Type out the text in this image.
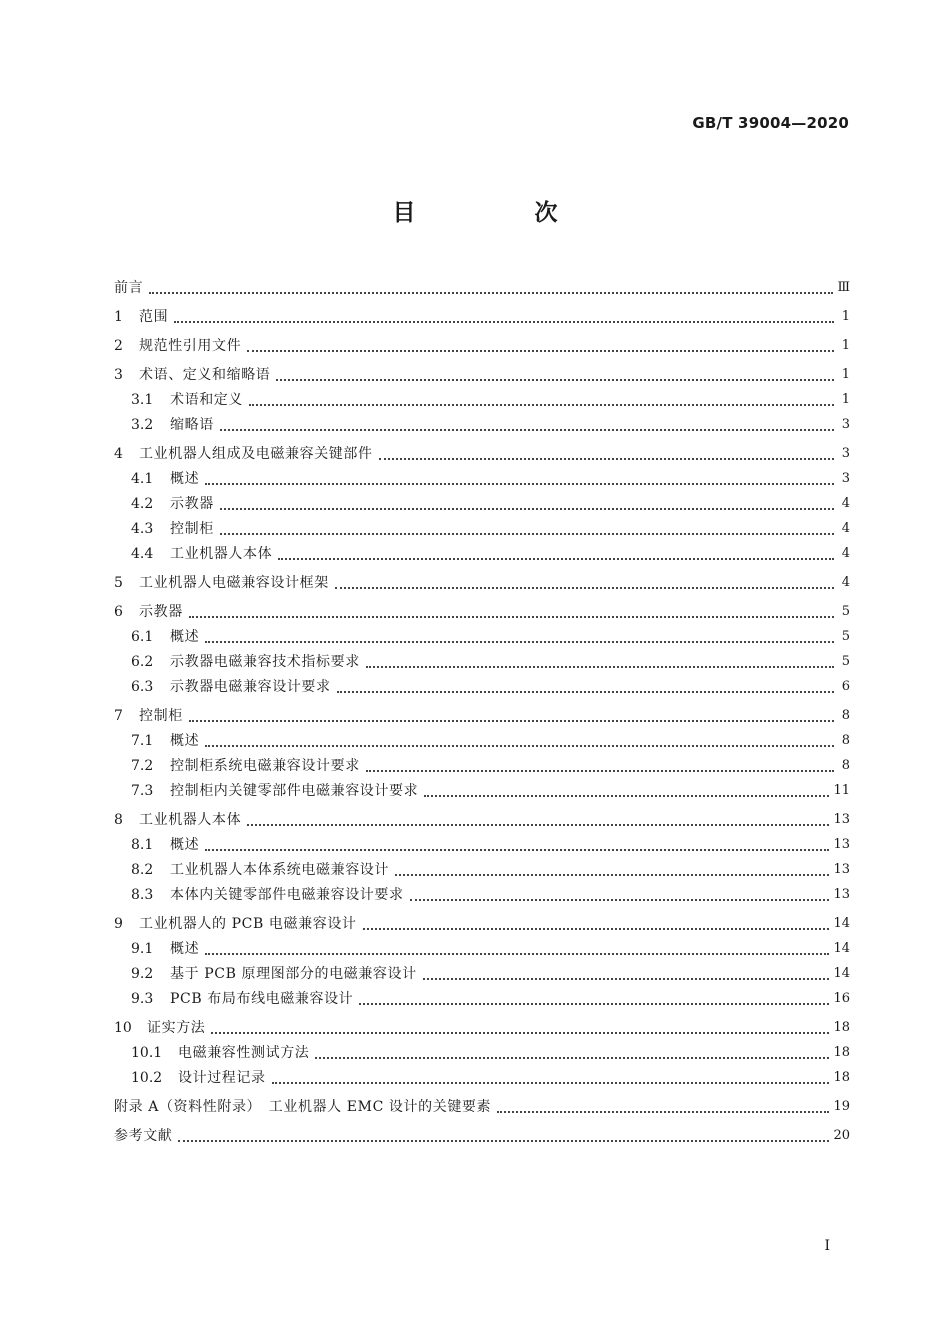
GB/T 39004—2020
目　次
前言	Ⅲ
1	范围	1
2	规范性引用文件	1
3	术语、定义和缩略语	1
3.1	术语和定义	1
3.2	缩略语	3
4	工业机器人组成及电磁兼容关键部件	3
4.1	概述	3
4.2	示教器	4
4.3	控制柜	4
4.4	工业机器人本体	4
5	工业机器人电磁兼容设计框架	4
6	示教器	5
6.1	概述	5
6.2	示教器电磁兼容技术指标要求	5
6.3	示教器电磁兼容设计要求	6
7	控制柜	8
7.1	概述	8
7.2	控制柜系统电磁兼容设计要求	8
7.3	控制柜内关键零部件电磁兼容设计要求	11
8	工业机器人本体	13
8.1	概述	13
8.2	工业机器人本体系统电磁兼容设计	13
8.3	本体内关键零部件电磁兼容设计要求	13
9	工业机器人的 PCB 电磁兼容设计	14
9.1	概述	14
9.2	基于 PCB 原理图部分的电磁兼容设计	14
9.3	PCB 布局布线电磁兼容设计	16
10	证实方法	18
10.1	电磁兼容性测试方法	18
10.2	设计过程记录	18
附录 A（资料性附录）　工业机器人 EMC 设计的关键要素	19
参考文献	20
Ⅰ
